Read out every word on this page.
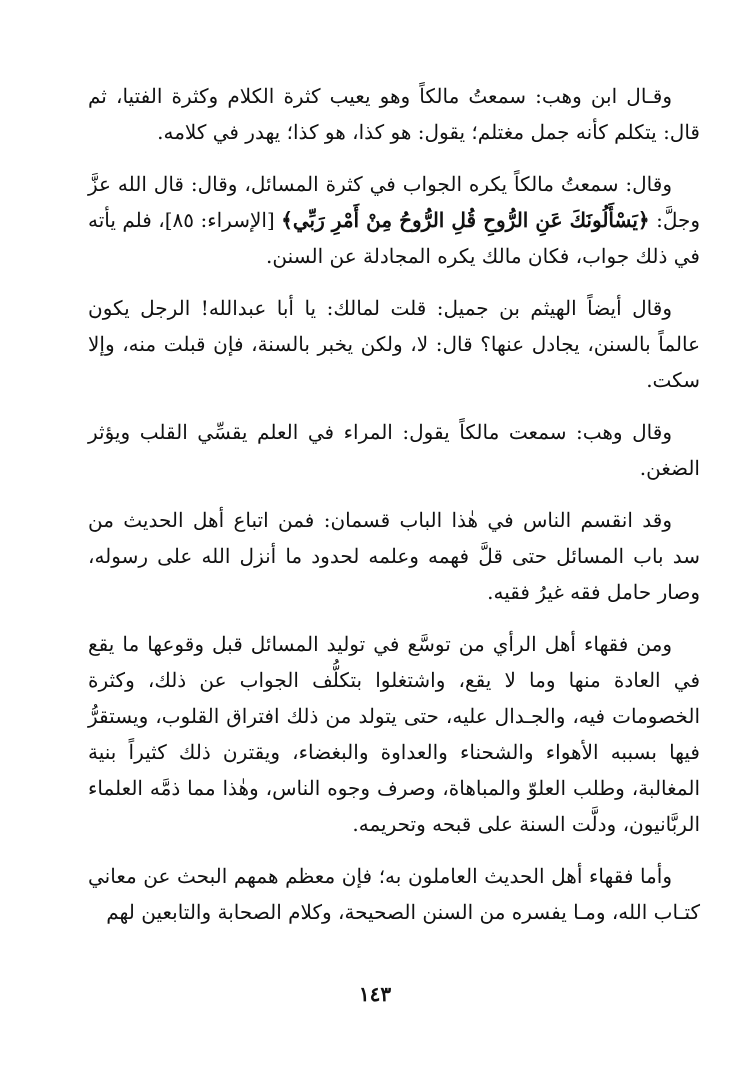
وقـال ابن وهب: سمعتُ مالكاً وهو يعيب كثرة الكلام وكثرة الفتيا، ثم قال: يتكلم كأنه جمل مغتلم؛ يقول: هو كذا، هو كذا؛ يهدر في كلامه.

وقال: سمعتُ مالكاً يكره الجواب في كثرة المسائل، وقال: قال الله عزَّ وجلَّ: ﴿يَسْأَلُونَكَ عَنِ الرُّوحِ قُلِ الرُّوحُ مِنْ أَمْرِ رَبِّي﴾ [الإسراء: ٨٥]، فلم يأته في ذلك جواب، فكان مالك يكره المجادلة عن السنن.

وقال أيضاً الهيثم بن جميل: قلت لمالك: يا أبا عبدالله! الرجل يكون عالماً بالسنن، يجادل عنها؟ قال: لا، ولكن يخبر بالسنة، فإن قبلت منه، وإلا سكت.

وقال وهب: سمعت مالكاً يقول: المراء في العلم يقسِّي القلب ويؤثر الضغن.

وقد انقسم الناس في هٰذا الباب قسمان: فمن اتباع أهل الحديث من سد باب المسائل حتى قلَّ فهمه وعلمه لحدود ما أنزل الله على رسوله، وصار حامل فقه غيرُ فقيه.

ومن فقهاء أهل الرأي من توسَّع في توليد المسائل قبل وقوعها ما يقع في العادة منها وما لا يقع، واشتغلوا بتكلُّف الجواب عن ذلك، وكثرة الخصومات فيه، والجـدال عليه، حتى يتولد من ذلك افتراق القلوب، ويستقرُّ فيها بسببه الأهواء والشحناء والعداوة والبغضاء، ويقترن ذلك كثيراً بنية المغالبة، وطلب العلوّ والمباهاة، وصرف وجوه الناس، وهٰذا مما ذمَّه العلماء الربَّانيون، ودلَّت السنة على قبحه وتحريمه.

وأما فقهاء أهل الحديث العاملون به؛ فإن معظم همهم البحث عن معاني كتـاب الله، ومـا يفسره من السنن الصحيحة، وكلام الصحابة والتابعين لهم

١٤٣
